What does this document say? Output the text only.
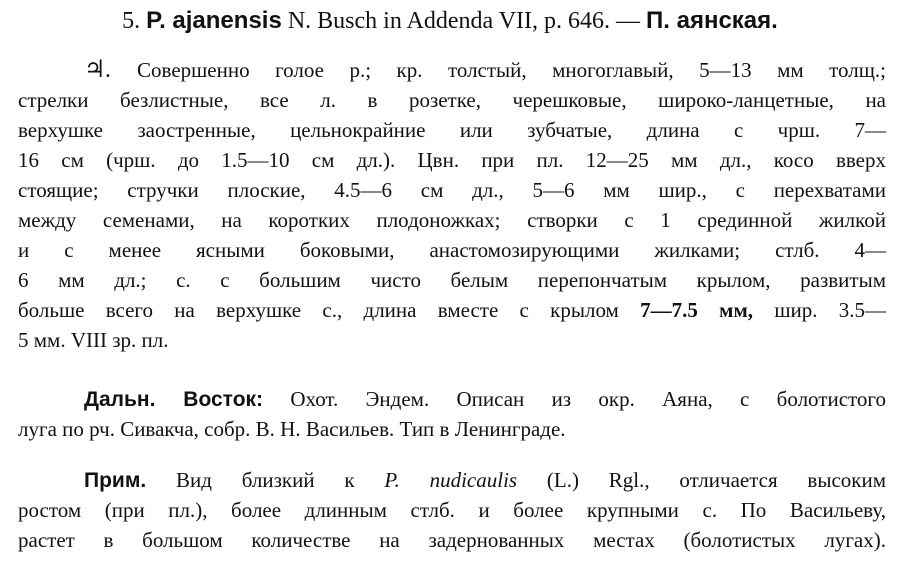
5. P. ajanensis N. Busch in Addenda VII, p. 646. — П. аянская.
♃. Совершенно голое р.; кр. толстый, многоглавый, 5—13 мм толщ.;
стрелки безлистные, все л. в розетке, черешковые, широко-ланцетные, на
верхушке заостренные, цельнокрайние или зубчатые, длина с чрш. 7—
16 см (чрш. до 1.5—10 см дл.). Цвн. при пл. 12—25 мм дл., косо вверх
стоящие; стручки плоские, 4.5—6 см дл., 5—6 мм шир., с перехватами
между семенами, на коротких плодоножках; створки с 1 срединной жилкой
и с менее ясными боковыми, анастомозирующими жилками; стлб. 4—
6 мм дл.; с. с большим чисто белым перепончатым крылом, развитым
больше всего на верхушке с., длина вместе с крылом 7—7.5 мм, шир. 3.5—
5 мм. VIII зр. пл.
Дальн. Восток: Охот. Эндем. Описан из окр. Аяна, с болотистого
луга по рч. Сивакча, собр. В. Н. Васильев. Тип в Ленинграде.
Прим. Вид близкий к P. nudicaulis (L.) Rgl., отличается высоким
ростом (при пл.), более длинным стлб. и более крупными с. По Васильеву,
растет в большом количестве на задернованных местах (болотистых лугах).
